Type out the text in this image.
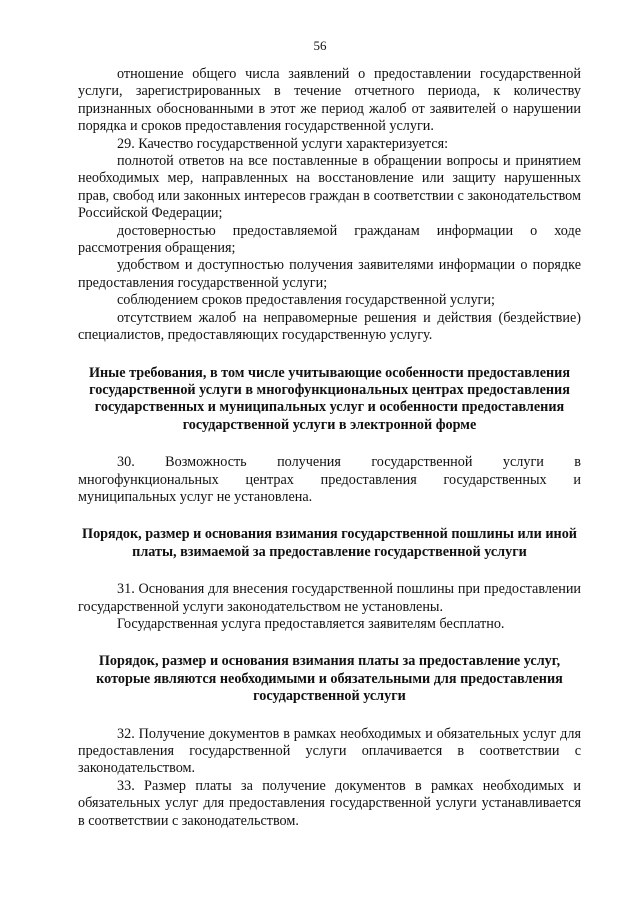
56

отношение общего числа заявлений о предоставлении государственной услуги, зарегистрированных в течение отчетного периода, к количеству признанных обоснованными в этот же период жалоб от заявителей о нарушении порядка и сроков предоставления государственной услуги.

29. Качество государственной услуги характеризуется:

полнотой ответов на все поставленные в обращении вопросы и принятием необходимых мер, направленных на восстановление или защиту нарушенных прав, свобод или законных интересов граждан в соответствии с законодательством Российской Федерации;

достоверностью предоставляемой гражданам информации о ходе рассмотрения обращения;

удобством и доступностью получения заявителями информации о порядке предоставления государственной услуги;

соблюдением сроков предоставления государственной услуги;

отсутствием жалоб на неправомерные решения и действия (бездействие) специалистов, предоставляющих государственную услугу.

Иные требования, в том числе учитывающие особенности предоставления государственной услуги в многофункциональных центрах предоставления государственных и муниципальных услуг и особенности предоставления государственной услуги в электронной форме

30. Возможность получения государственной услуги в многофункциональных центрах предоставления государственных и муниципальных услуг не установлена.

Порядок, размер и основания взимания государственной пошлины или иной платы, взимаемой за предоставление государственной услуги

31. Основания для внесения государственной пошлины при предоставлении государственной услуги законодательством не установлены.

Государственная услуга предоставляется заявителям бесплатно.

Порядок, размер и основания взимания платы за предоставление услуг, которые являются необходимыми и обязательными для предоставления государственной услуги

32. Получение документов в рамках необходимых и обязательных услуг для предоставления государственной услуги оплачивается в соответствии с законодательством.

33. Размер платы за получение документов в рамках необходимых и обязательных услуг для предоставления государственной услуги устанавливается в соответствии с законодательством.
